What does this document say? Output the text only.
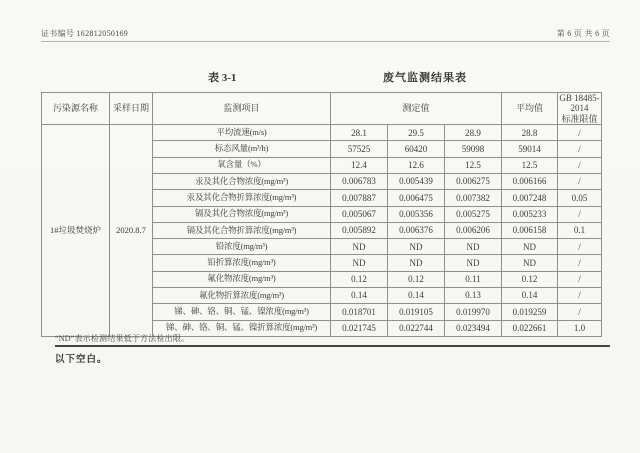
证书编号 162812050169	第 6 页 共 6 页
表 3-1	废气监测结果表
污染源名称	采样日期	监测项目	测定值			平均值	GB 18485-2014
标准限值

1#垃圾焚烧炉	2020.8.7	平均流速(m/s)	28.1	29.5	28.9	28.8	/
		标态风量(m³/h)	57525	60420	59098	59014	/
		氧含量（%）	12.4	12.6	12.5	12.5	/
		汞及其化合物浓度(mg/m³)	0.006783	0.005439	0.006275	0.006166	/
		汞及其化合物折算浓度(mg/m³)	0.007887	0.006475	0.007382	0.007248	0.05
		镉及其化合物浓度(mg/m³)	0.005067	0.005356	0.005275	0.005233	/
		镉及其化合物折算浓度(mg/m³)	0.005892	0.006376	0.006206	0.006158	0.1
		铅浓度(mg/m³)	ND	ND	ND	ND	/
		铅折算浓度(mg/m³)	ND	ND	ND	ND	/
		氟化物浓度(mg/m³)	0.12	0.12	0.11	0.12	/
		氟化物折算浓度(mg/m³)	0.14	0.14	0.13	0.14	/
		锑、砷、铬、铜、锰、镍浓度(mg/m³)	0.018701	0.019105	0.019970	0.019259	/
		锑、砷、铬、铜、锰、镍折算浓度(mg/m³)	0.021745	0.022744	0.023494	0.022661	1.0
“ND”表示检测结果低于方法检出限。
以下空白。
